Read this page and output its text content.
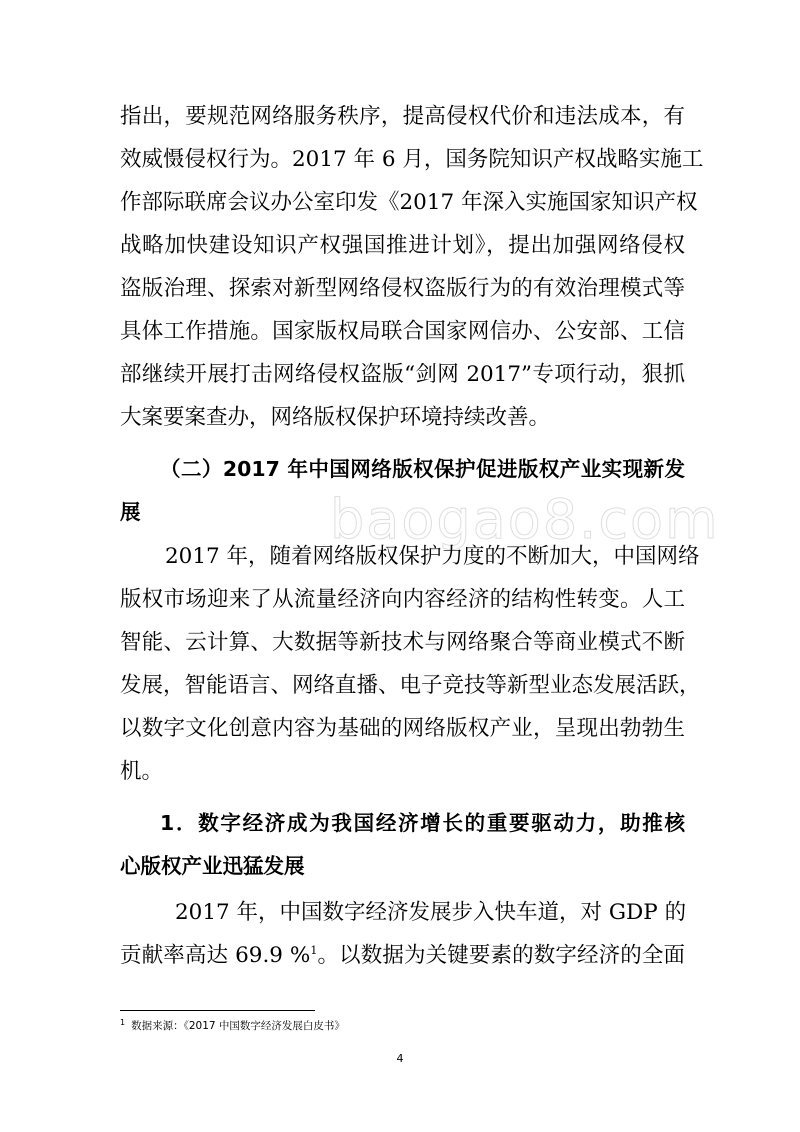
baogao8.com
指出，要规范网络服务秩序，提高侵权代价和违法成本，有
效威慑侵权行为。2017 年 6 月，国务院知识产权战略实施工
作部际联席会议办公室印发《2017 年深入实施国家知识产权
战略加快建设知识产权强国推进计划》，提出加强网络侵权
盗版治理、探索对新型网络侵权盗版行为的有效治理模式等
具体工作措施。国家版权局联合国家网信办、公安部、工信
部继续开展打击网络侵权盗版“剑网 2017”专项行动，狠抓
大案要案查办，网络版权保护环境持续改善。
（二）2017 年中国网络版权保护促进版权产业实现新发
展
2017 年，随着网络版权保护力度的不断加大，中国网络
版权市场迎来了从流量经济向内容经济的结构性转变。人工
智能、云计算、大数据等新技术与网络聚合等商业模式不断
发展，智能语言、网络直播、电子竞技等新型业态发展活跃，
以数字文化创意内容为基础的网络版权产业，呈现出勃勃生
机。
1．数字经济成为我国经济增长的重要驱动力，助推核
心版权产业迅猛发展
2017 年，中国数字经济发展步入快车道，对 GDP 的
贡献率高达 69.9 %$^1$。以数据为关键要素的数字经济的全面
$^1$ 数据来源：《2017 中国数字经济发展白皮书》
4
